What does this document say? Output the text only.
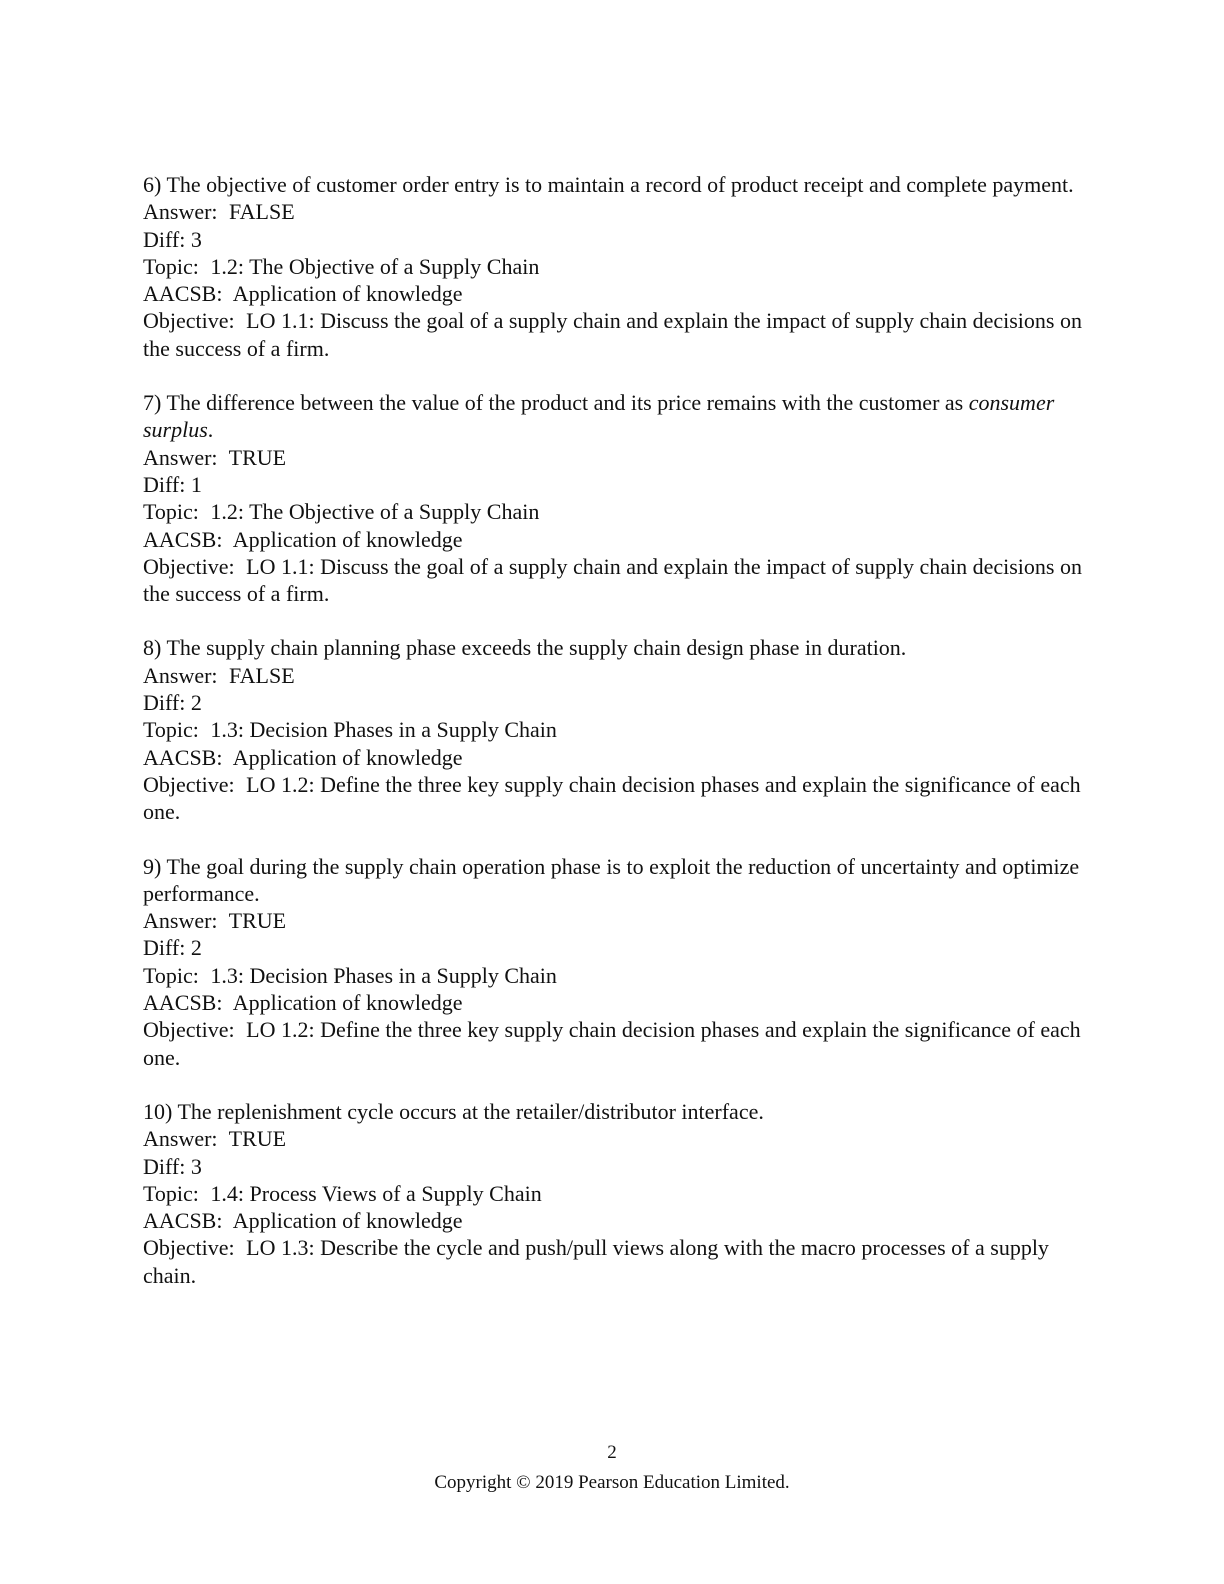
6) The objective of customer order entry is to maintain a record of product receipt and complete payment.

Answer: FALSE

Diff: 3

Topic: 1.2: The Objective of a Supply Chain

AACSB: Application of knowledge

Objective: LO 1.1: Discuss the goal of a supply chain and explain the impact of supply chain decisions on the success of a firm.

7) The difference between the value of the product and its price remains with the customer as consumer surplus.

Answer: TRUE

Diff: 1

Topic: 1.2: The Objective of a Supply Chain

AACSB: Application of knowledge

Objective: LO 1.1: Discuss the goal of a supply chain and explain the impact of supply chain decisions on the success of a firm.

8) The supply chain planning phase exceeds the supply chain design phase in duration.

Answer: FALSE

Diff: 2

Topic: 1.3: Decision Phases in a Supply Chain

AACSB: Application of knowledge

Objective: LO 1.2: Define the three key supply chain decision phases and explain the significance of each one.

9) The goal during the supply chain operation phase is to exploit the reduction of uncertainty and optimize performance.

Answer: TRUE

Diff: 2

Topic: 1.3: Decision Phases in a Supply Chain

AACSB: Application of knowledge

Objective: LO 1.2: Define the three key supply chain decision phases and explain the significance of each one.

10) The replenishment cycle occurs at the retailer/distributor interface.

Answer: TRUE

Diff: 3

Topic: 1.4: Process Views of a Supply Chain

AACSB: Application of knowledge

Objective: LO 1.3: Describe the cycle and push/pull views along with the macro processes of a supply chain.

2
Copyright © 2019 Pearson Education Limited.
